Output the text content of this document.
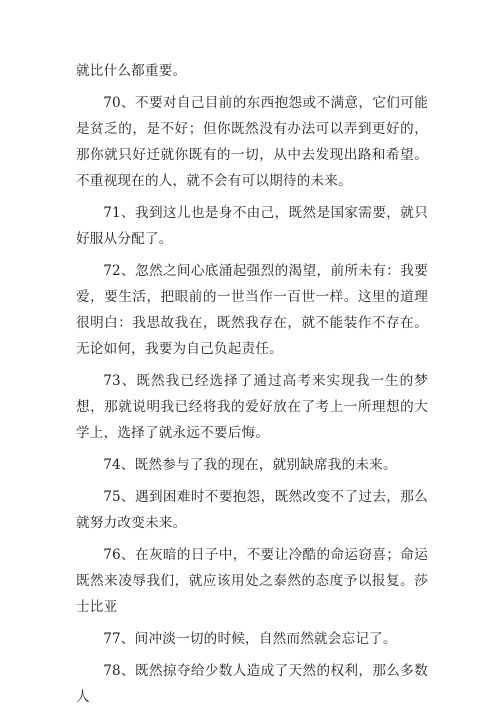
就比什么都重要。

70、不要对自己目前的东西抱怨或不满意，它们可能是贫乏的，是不好；但你既然没有办法可以弄到更好的，那你就只好迁就你既有的一切，从中去发现出路和希望。不重视现在的人，就不会有可以期待的未来。

71、我到这儿也是身不由己，既然是国家需要，就只好服从分配了。

72、忽然之间心底涌起强烈的渴望，前所未有：我要爱，要生活，把眼前的一世当作一百世一样。这里的道理很明白：我思故我在，既然我存在，就不能装作不存在。无论如何，我要为自己负起责任。

73、既然我已经选择了通过高考来实现我一生的梦想，那就说明我已经将我的爱好放在了考上一所理想的大学上，选择了就永远不要后悔。

74、既然参与了我的现在，就别缺席我的未来。

75、遇到困难时不要抱怨，既然改变不了过去，那么就努力改变未来。

76、在灰暗的日子中，不要让冷酷的命运窃喜；命运既然来凌辱我们，就应该用处之泰然的态度予以报复。莎士比亚

77、间冲淡一切的时候，自然而然就会忘记了。

78、既然掠夺给少数人造成了天然的权利，那么多数人
